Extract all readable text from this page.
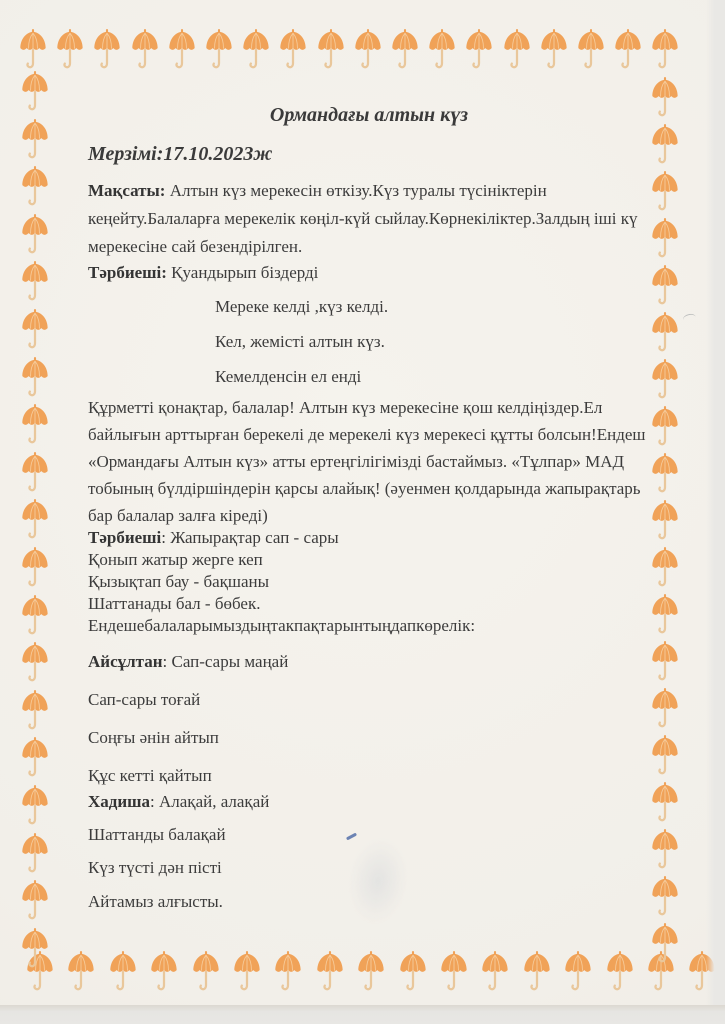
Ормандағы алтын күз
Мерзімі:17.10.2023ж
Мақсаты: Алтын күз мерекесін өткізу.Күз туралы түсініктерін
кеңейту.Балаларға мерекелік көңіл-күй сыйлау.Көрнекіліктер.Залдың іші кү
мерекесіне сай безендірілген.
Тәрбиеші: Қуандырып біздерді
Мереке келді ,күз келді.
Кел, жемісті алтын күз.
Кемелденсін ел енді
Құрметті қонақтар, балалар! Алтын күз мерекесіне қош келдіңіздер.Ел
байлығын арттырған берекелі де мерекелі күз мерекесі құтты болсын!Ендеш
«Ормандағы Алтын күз» атты ертеңгілігімізді бастаймыз. «Тұлпар» МАД
тобының бүлдіршіндерін қарсы алайық! (әуенмен қолдарында жапырақтарь
бар балалар залға кіреді)
Тәрбиеші: Жапырақтар сап - сары
Қонып жатыр жерге кеп
Қызықтап бау - бақшаны
Шаттанады бал - бөбек.
Ендешебалаларымыздыңтакпақтарынтыңдапкөрелік:
Айсұлтан: Сап-сары маңай
Сап-сары тоғай
Соңғы әнін айтып
Құс кетті қайтып
Хадиша: Алақай, алақай
Шаттанды балақай
Күз түсті дән пісті
Айтамыз алғысты.
